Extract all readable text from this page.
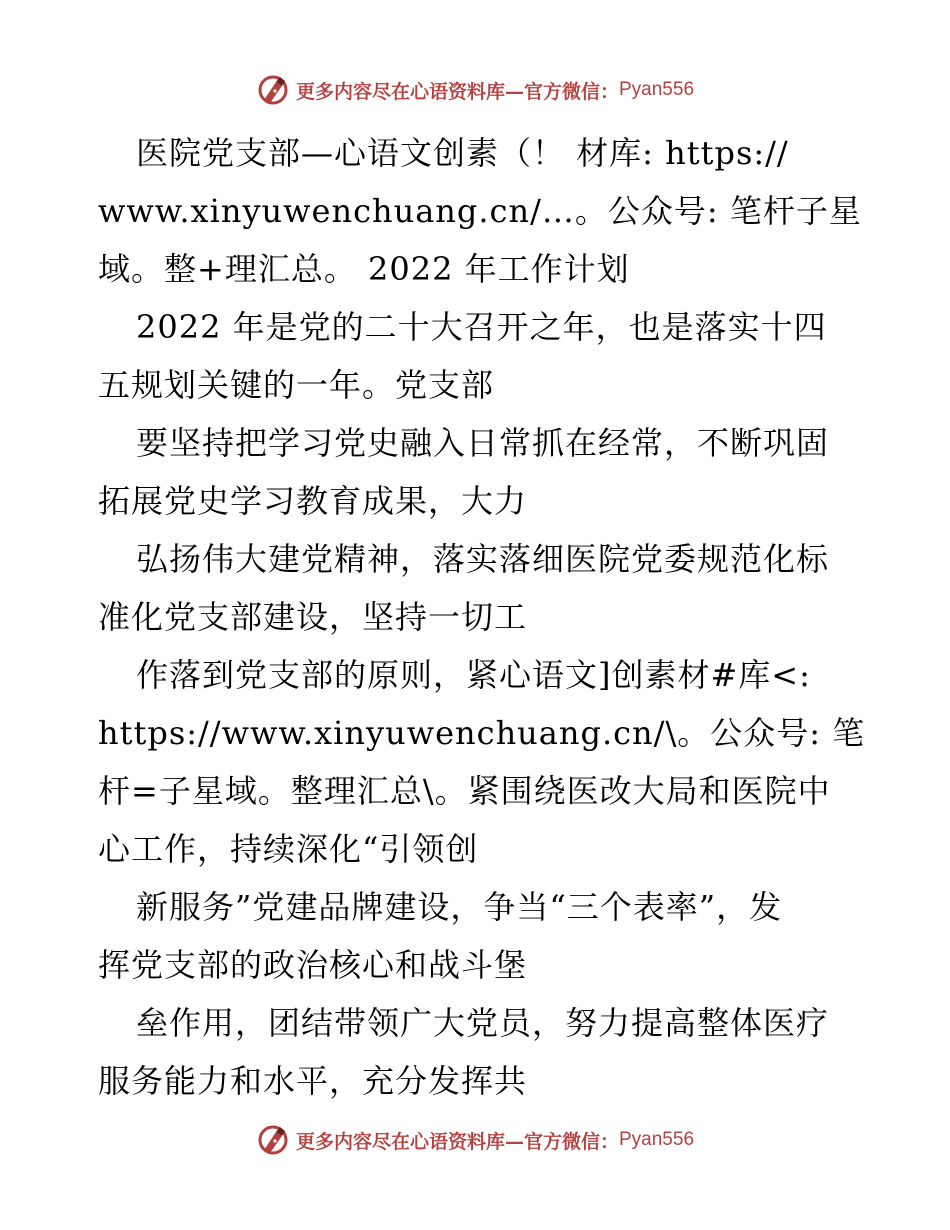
更多内容尽在心语资料库—官方微信： Pyan556
医院党支部—心语文创素（！ 材库: https://
www.xinyuwenchuang.cn/…。公众号: 笔杆子星
域。整+理汇总。 2022 年工作计划
2022 年是党的二十大召开之年，也是落实十四
五规划关键的一年。党支部
要坚持把学习党史融入日常抓在经常，不断巩固
拓展党史学习教育成果，大力
弘扬伟大建党精神，落实落细医院党委规范化标
准化党支部建设，坚持一切工
作落到党支部的原则，紧心语文]创素材#库<:
https://www.xinyuwenchuang.cn/\。公众号: 笔
杆=子星域。整理汇总\。紧围绕医改大局和医院中
心工作，持续深化“引领创
新服务”党建品牌建设，争当“三个表率”，发
挥党支部的政治核心和战斗堡
垒作用，团结带领广大党员，努力提高整体医疗
服务能力和水平，充分发挥共
更多内容尽在心语资料库—官方微信： Pyan556
